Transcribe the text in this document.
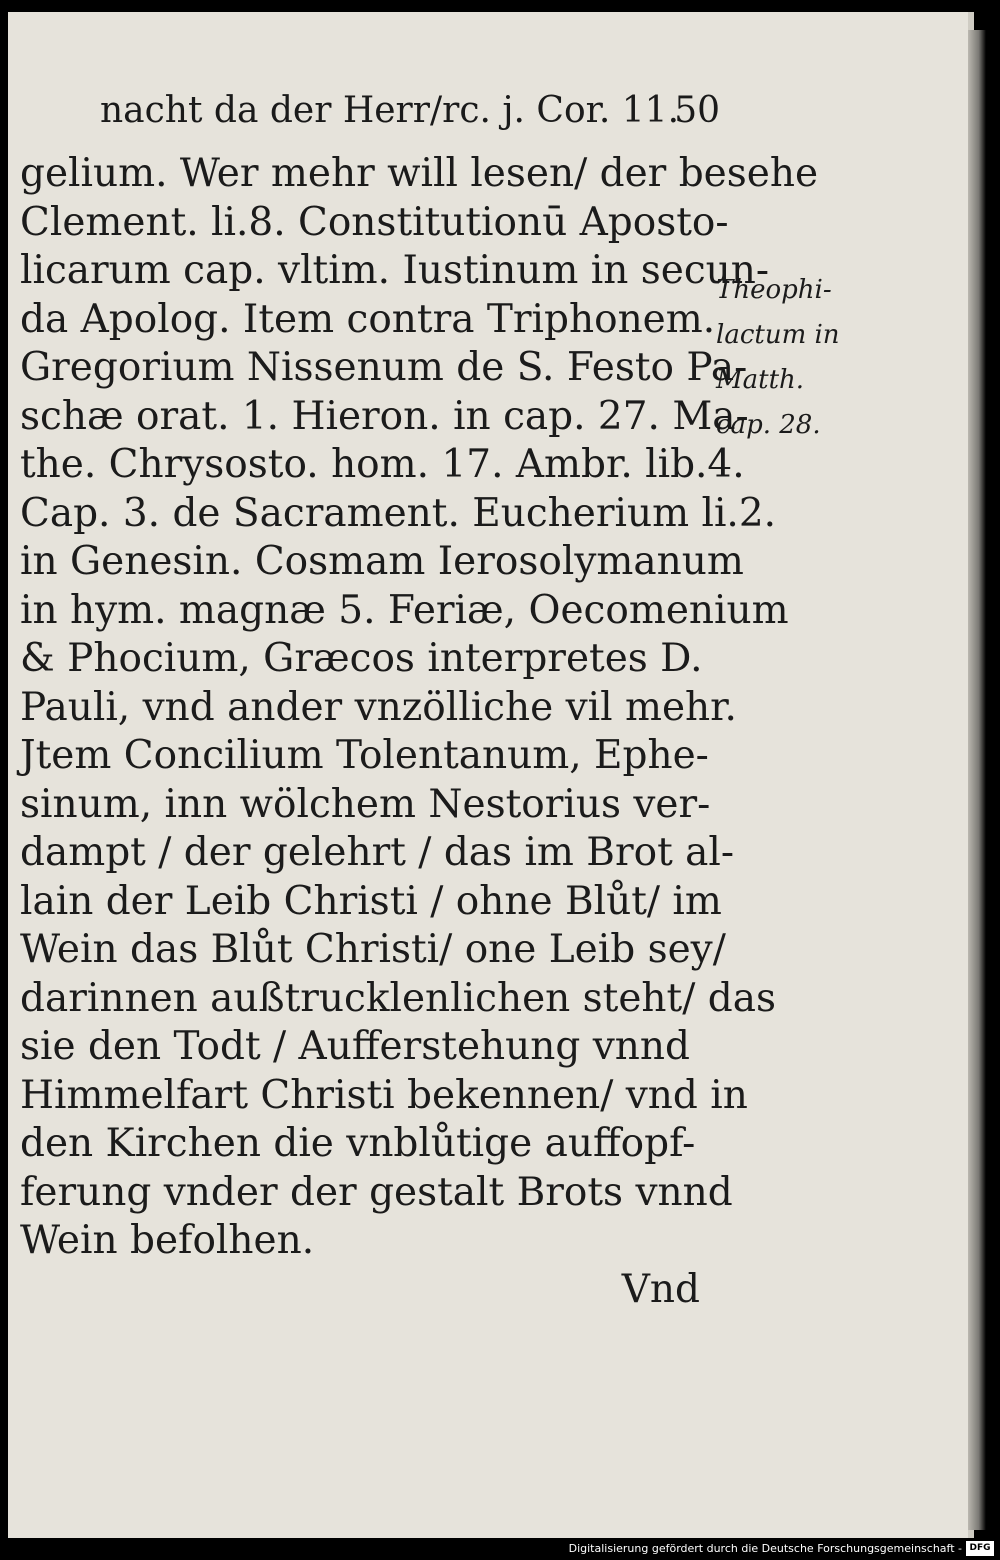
nacht da der Herr/rc. j. Cor. 11.
50
gelium. Wer mehr will lesen/ der besehe
Clement. li.8. Constitutionū Aposto-
licarum cap. vltim. Iustinum in secun-
da Apolog. Item contra Triphonem.
Gregorium Nissenum de S. Festo Pa-
schæ orat. 1. Hieron. in cap. 27. Ma-
the. Chrysosto. hom. 17. Ambr. lib.4.
Cap. 3. de Sacrament. Eucherium li.2.
in Genesin. Cosmam Ierosolymanum
in hym. magnæ 5. Feriæ, Oecomenium
& Phocium, Græcos interpretes D.
Pauli, vnd ander vnzölliche vil mehr.
Jtem Concilium Tolentanum, Ephe-
sinum, inn wölchem Nestorius ver-
dampt / der gelehrt / das im Brot al-
lain der Leib Christi / ohne Blůt/ im
Wein das Blůt Christi/ one Leib sey/
darinnen außtrucklenlichen steht/ das
sie den Todt / Aufferstehung vnnd
Himmelfart Christi bekennen/ vnd in
den Kirchen die vnblůtige auffopf-
ferung vnder der gestalt Brots vnnd
Wein befolhen.
Vnd
Theophi-
lactum in
Matth.
cap. 28.
Digitalisierung gefördert durch die Deutsche Forschungsgemeinschaft - DFG
